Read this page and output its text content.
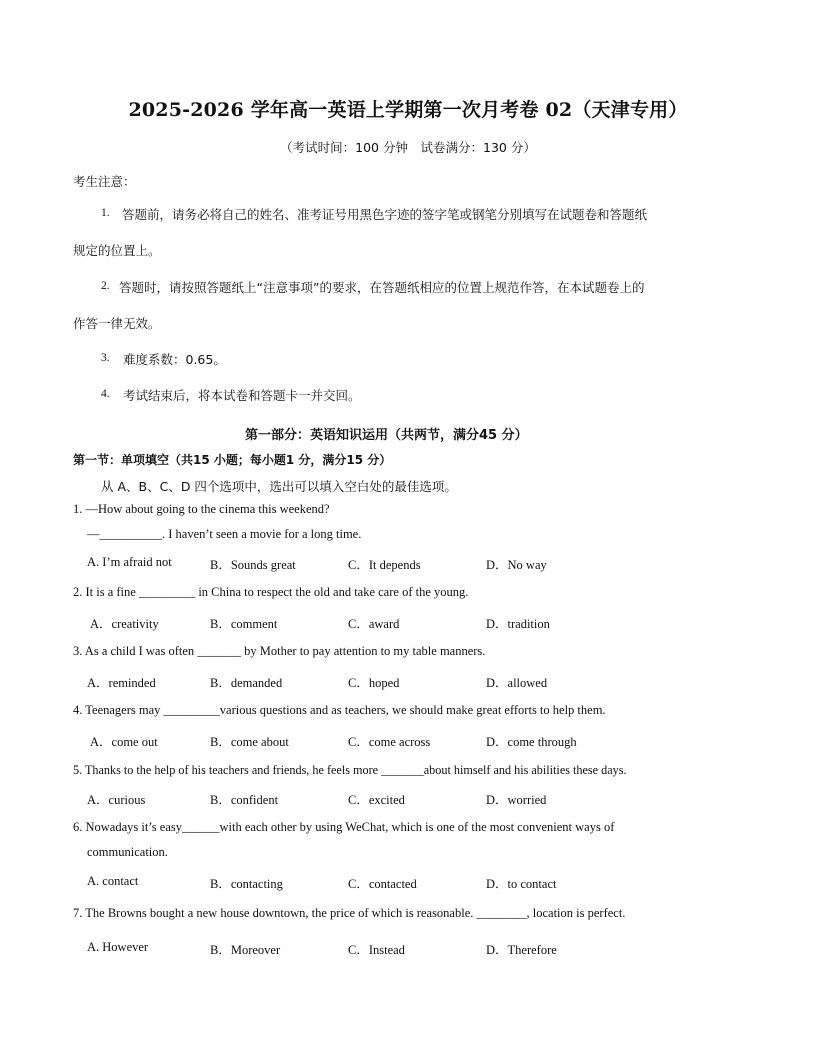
2025-2026 学年高一英语上学期第一次月考卷 02（天津专用）
（考试时间：100 分钟　试卷满分：130 分）
考生注意：
1. 答题前，请务必将自己的姓名、准考证号用黑色字迹的签字笔或钢笔分别填写在试题卷和答题纸
规定的位置上。
2. 答题时，请按照答题纸上“注意事项”的要求，在答题纸相应的位置上规范作答，在本试题卷上的
作答一律无效。
3. 难度系数：0.65。
4. 考试结束后，将本试卷和答题卡一并交回。
第一部分：英语知识运用（共两节，满分45 分）
第一节：单项填空（共15 小题；每小题1 分，满分15 分）
从 A、B、C、D 四个选项中，选出可以填入空白处的最佳选项。
1. —How about going to the cinema this weekend?
—__________. I haven’t seen a movie for a long time.
A. I’m afraid not	B．Sounds great	C．It depends	D．No way
2. It is a fine _________ in China to respect the old and take care of the young.
A．creativity	B．comment	C．award	D．tradition
3. As a child I was often _______ by Mother to pay attention to my table manners.
A．reminded	B．demanded	C．hoped	D．allowed
4. Teenagers may _________various questions and as teachers, we should make great efforts to help them.
A．come out	B．come about	C．come across	D．come through
5. Thanks to the help of his teachers and friends, he feels more _______about himself and his abilities these days.
A．curious	B．confident	C．excited	D．worried
6. Nowadays it’s easy______with each other by using WeChat, which is one of the most convenient ways of
communication.
A. contact	B．contacting	C．contacted	D．to contact
7. The Browns bought a new house downtown, the price of which is reasonable. ________, location is perfect.
A. However	B．Moreover	C．Instead	D．Therefore
